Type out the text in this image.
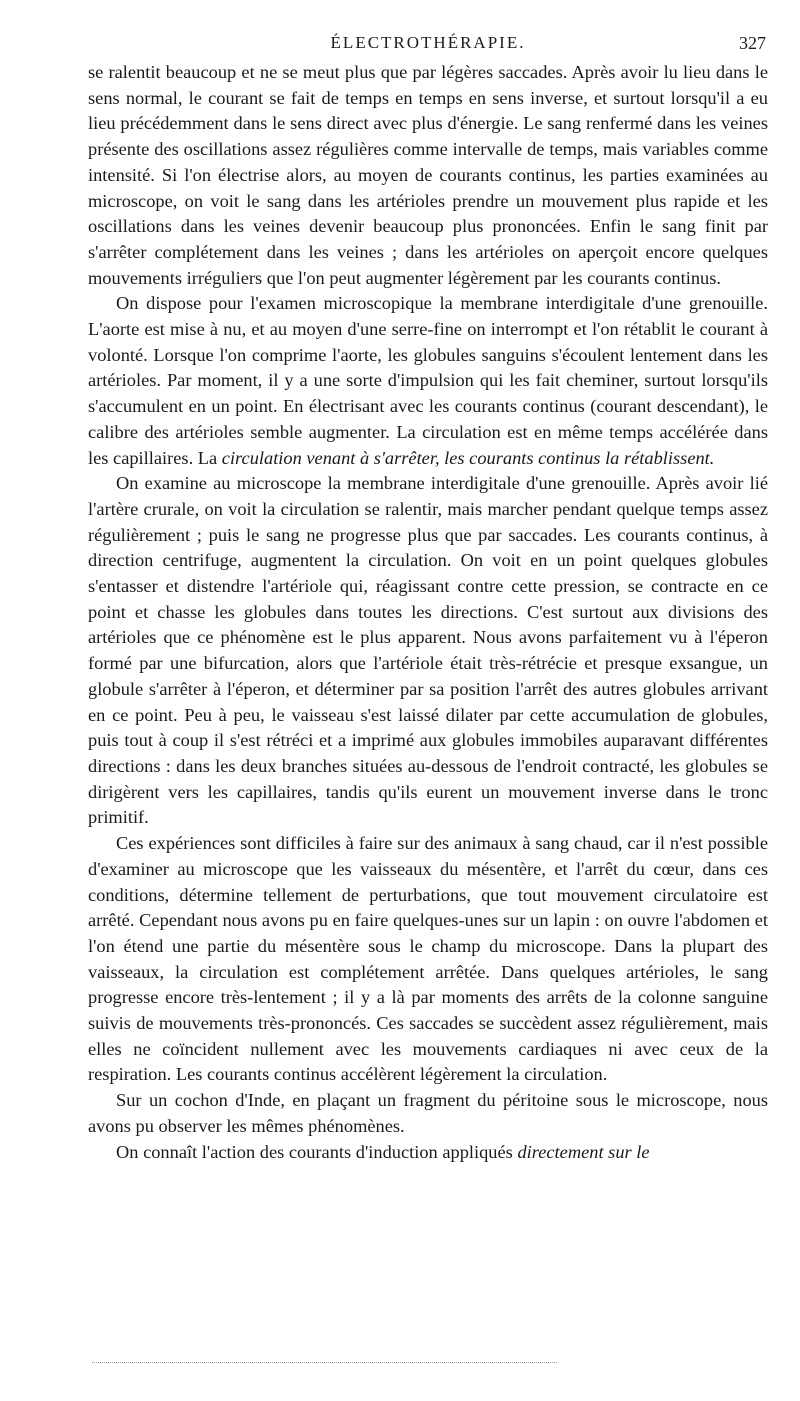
ÉLECTROTHÉRAPIE.	327

se ralentit beaucoup et ne se meut plus que par légères saccades. Après avoir lu lieu dans le sens normal, le courant se fait de temps en temps en sens inverse, et surtout lorsqu'il a eu lieu précédemment dans le sens direct avec plus d'énergie. Le sang renfermé dans les veines présente des oscillations assez régulières comme intervalle de temps, mais variables comme intensité. Si l'on électrise alors, au moyen de courants continus, les parties examinées au microscope, on voit le sang dans les artérioles prendre un mouvement plus rapide et les oscillations dans les veines devenir beaucoup plus prononcées. Enfin le sang finit par s'arrêter complétement dans les veines ; dans les artérioles on aperçoit encore quelques mouvements irréguliers que l'on peut augmenter légèrement par les courants continus.

On dispose pour l'examen microscopique la membrane interdigitale d'une grenouille. L'aorte est mise à nu, et au moyen d'une serre-fine on interrompt et l'on rétablit le courant à volonté. Lorsque l'on comprime l'aorte, les globules sanguins s'écoulent lentement dans les artérioles. Par moment, il y a une sorte d'impulsion qui les fait cheminer, surtout lorsqu'ils s'accumulent en un point. En électrisant avec les courants continus (courant descendant), le calibre des artérioles semble augmenter. La circulation est en même temps accélérée dans les capillaires. La circulation venant à s'arrêter, les courants continus la rétablissent.

On examine au microscope la membrane interdigitale d'une grenouille. Après avoir lié l'artère crurale, on voit la circulation se ralentir, mais marcher pendant quelque temps assez régulièrement ; puis le sang ne progresse plus que par saccades. Les courants continus, à direction centrifuge, augmentent la circulation. On voit en un point quelques globules s'entasser et distendre l'artériole qui, réagissant contre cette pression, se contracte en ce point et chasse les globules dans toutes les directions. C'est surtout aux divisions des artérioles que ce phénomène est le plus apparent. Nous avons parfaitement vu à l'éperon formé par une bifurcation, alors que l'artériole était très-rétrécie et presque exsangue, un globule s'arrêter à l'éperon, et déterminer par sa position l'arrêt des autres globules arrivant en ce point. Peu à peu, le vaisseau s'est laissé dilater par cette accumulation de globules, puis tout à coup il s'est rétréci et a imprimé aux globules immobiles auparavant différentes directions : dans les deux branches situées au-dessous de l'endroit contracté, les globules se dirigèrent vers les capillaires, tandis qu'ils eurent un mouvement inverse dans le tronc primitif.

Ces expériences sont difficiles à faire sur des animaux à sang chaud, car il n'est possible d'examiner au microscope que les vaisseaux du mésentère, et l'arrêt du cœur, dans ces conditions, détermine tellement de perturbations, que tout mouvement circulatoire est arrêté. Cependant nous avons pu en faire quelques-unes sur un lapin : on ouvre l'abdomen et l'on étend une partie du mésentère sous le champ du microscope. Dans la plupart des vaisseaux, la circulation est complétement arrêtée. Dans quelques artérioles, le sang progresse encore très-lentement ; il y a là par moments des arrêts de la colonne sanguine suivis de mouvements très-prononcés. Ces saccades se succèdent assez régulièrement, mais elles ne coïncident nullement avec les mouvements cardiaques ni avec ceux de la respiration. Les courants continus accélèrent légèrement la circulation.

Sur un cochon d'Inde, en plaçant un fragment du péritoine sous le microscope, nous avons pu observer les mêmes phénomènes.

On connaît l'action des courants d'induction appliqués directement sur le
